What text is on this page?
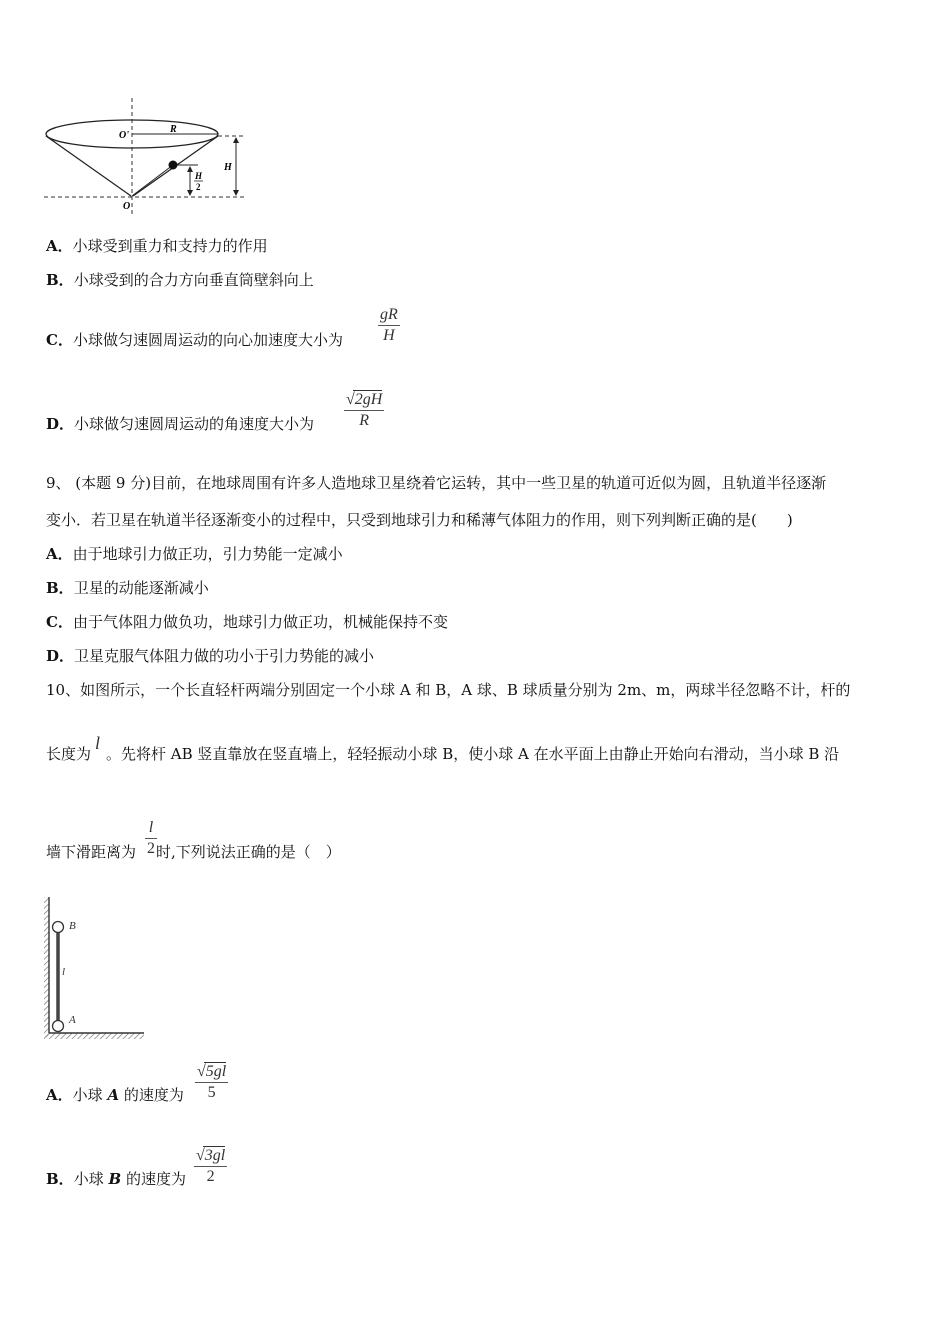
O'
R
H
H
2
O
A．小球受到重力和支持力的作用
B．小球受到的合力方向垂直筒壁斜向上
C．小球做匀速圆周运动的向心加速度大小为 $\frac{gR}{H}$
D．小球做匀速圆周运动的角速度大小为 $\frac{√2gH}{R}$
9、 (本题 9 分)目前，在地球周围有许多人造地球卫星绕着它运转，其中一些卫星的轨道可近似为圆，且轨道半径逐渐
变小．若卫星在轨道半径逐渐变小的过程中，只受到地球引力和稀薄气体阻力的作用，则下列判断正确的是(　　)
A．由于地球引力做正功，引力势能一定减小
B．卫星的动能逐渐减小
C．由于气体阻力做负功，地球引力做正功，机械能保持不变
D．卫星克服气体阻力做的功小于引力势能的减小
10、如图所示，一个长直轻杆两端分别固定一个小球 A 和 B，A 球、B 球质量分别为 2m、m，两球半径忽略不计，杆的
长度为l。先将杆 AB 竖直靠放在竖直墙上，轻轻振动小球 B，使小球 A 在水平面上由静止开始向右滑动，当小球 B 沿
墙下滑距离为 时,下列说法正确的是（　）
$\frac{l}{2}$
B
l
A
A．小球 A 的速度为 $\frac{√5gl}{5}$
B．小球 B 的速度为 $\frac{√3gl}{2}$
